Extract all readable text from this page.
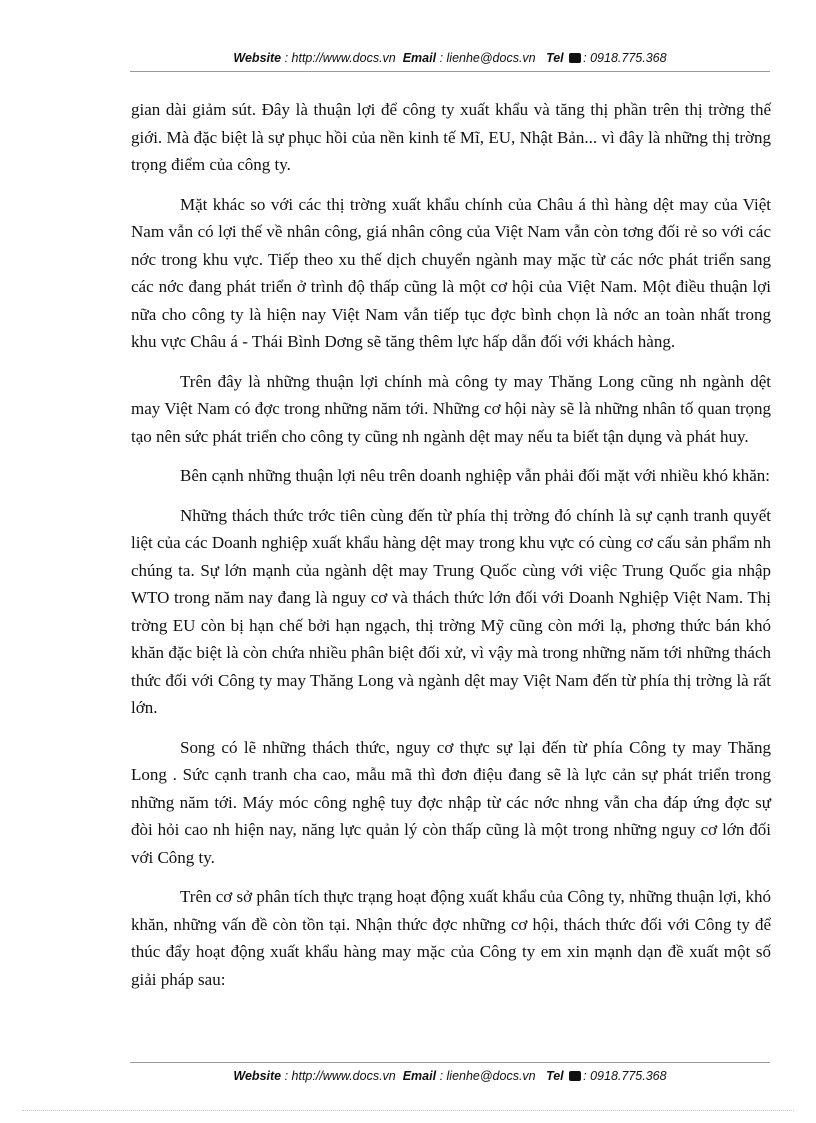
Website : http://www.docs.vn Email : lienhe@docs.vn Tel : 0918.775.368

gian dài giảm sút. Đây là thuận lợi để công ty xuất khẩu và tăng thị phần trên thị trờng thế giới. Mà đặc biệt là sự phục hồi của nền kinh tế Mĩ, EU, Nhật Bản... vì đây là những thị trờng trọng điểm của công ty.

Mặt khác so với các thị trờng xuất khẩu chính của Châu á thì hàng dệt may của Việt Nam vẫn có lợi thế về nhân công, giá nhân công của Việt Nam vẫn còn tơng đối rẻ so với các nớc trong khu vực. Tiếp theo xu thế dịch chuyển ngành may mặc từ các nớc phát triển sang các nớc đang phát triển ở trình độ thấp cũng là một cơ hội của Việt Nam. Một điều thuận lợi nữa cho công ty là hiện nay Việt Nam vẫn tiếp tục đợc bình chọn là nớc an toàn nhất trong khu vực Châu á - Thái Bình Dơng sẽ tăng thêm lực hấp dẫn đối với khách hàng.

Trên đây là những thuận lợi chính mà công ty may Thăng Long cũng nh ngành dệt may Việt Nam có đợc trong những năm tới. Những cơ hội này sẽ là những nhân tố quan trọng tạo nên sức phát triển cho công ty cũng nh ngành dệt may nếu ta biết tận dụng và phát huy.

Bên cạnh những thuận lợi nêu trên doanh nghiệp vẫn phải đối mặt với nhiều khó khăn:

Những thách thức trớc tiên cùng đến từ phía thị trờng đó chính là sự cạnh tranh quyết liệt của các Doanh nghiệp xuất khẩu hàng dệt may trong khu vực có cùng cơ cấu sản phẩm nh chúng ta. Sự lớn mạnh của ngành dệt may Trung Quốc cùng với việc Trung Quốc gia nhập WTO trong năm nay đang là nguy cơ và thách thức lớn đối với Doanh Nghiệp Việt Nam. Thị trờng EU còn bị hạn chế bởi hạn ngạch, thị trờng Mỹ cũng còn mới lạ, phơng thức bán khó khăn đặc biệt là còn chứa nhiều phân biệt đối xử, vì vậy mà trong những năm tới những thách thức đối với Công ty may Thăng Long và ngành dệt may Việt Nam đến từ phía thị trờng là rất lớn.

Song có lẽ những thách thức, nguy cơ thực sự lại đến từ phía Công ty may Thăng Long . Sức cạnh tranh cha cao, mẫu mã thì đơn điệu đang sẽ là lực cản sự phát triển trong những năm tới. Máy móc công nghệ tuy đợc nhập từ các nớc nhng vẫn cha đáp ứng đợc sự đòi hỏi cao nh hiện nay, năng lực quản lý còn thấp cũng là một trong những nguy cơ lớn đối với Công ty.

Trên cơ sở phân tích thực trạng hoạt động xuất khẩu của Công ty, những thuận lợi, khó khăn, những vấn đề còn tồn tại. Nhận thức đợc những cơ hội, thách thức đối với Công ty để thúc đẩy hoạt động xuất khẩu hàng may mặc của Công ty em xin mạnh dạn đề xuất một số giải pháp sau:

Website : http://www.docs.vn Email : lienhe@docs.vn Tel : 0918.775.368
